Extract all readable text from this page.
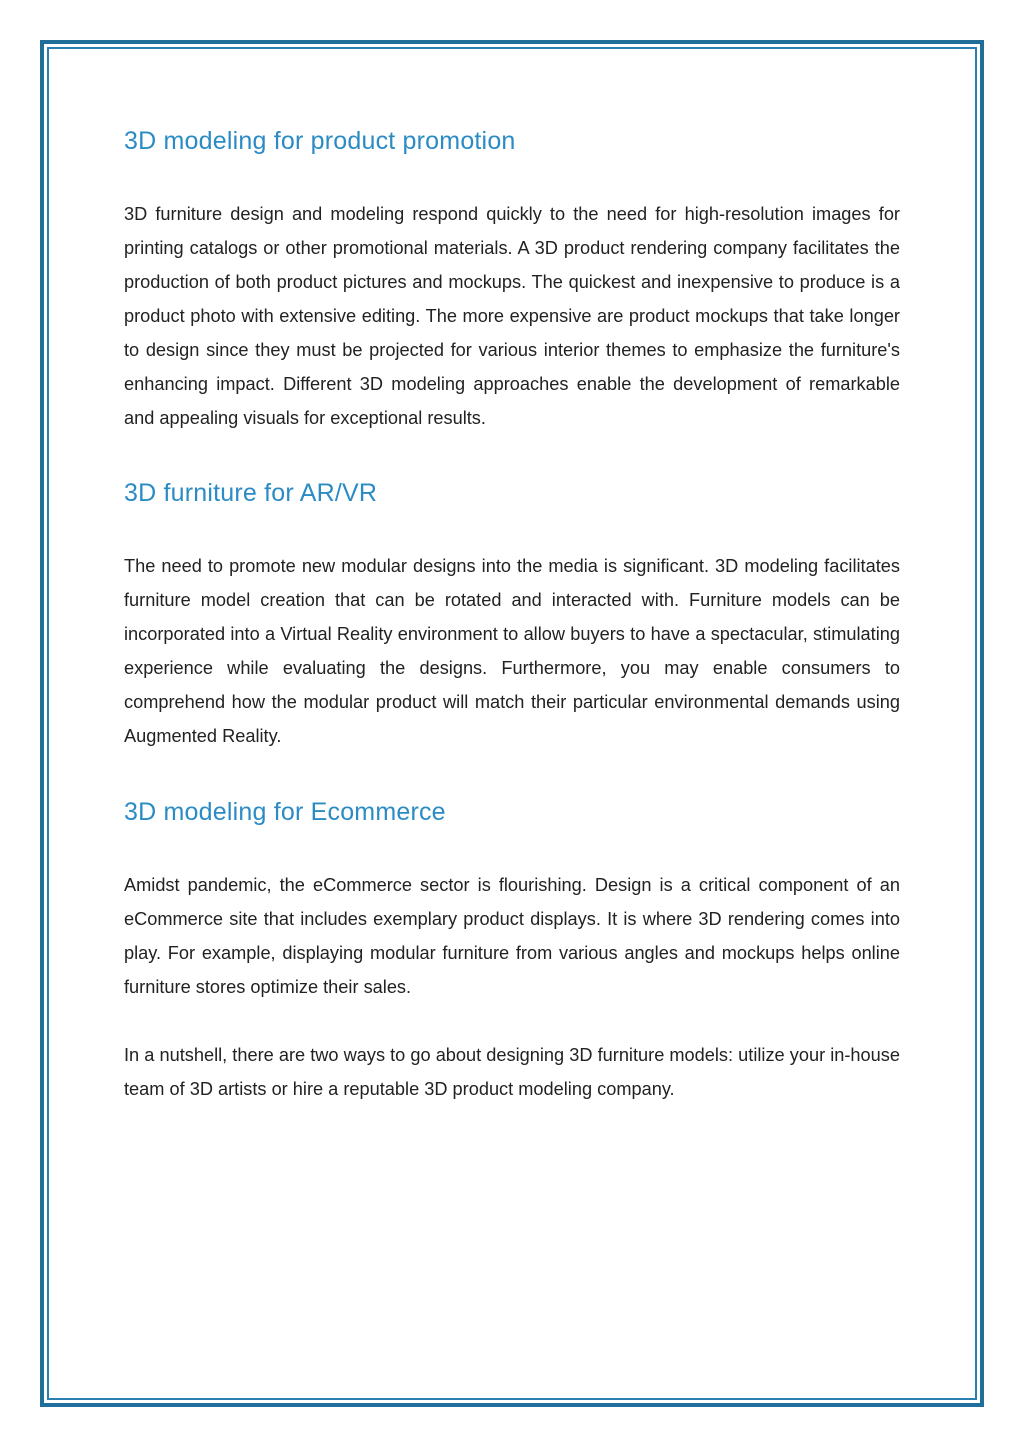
3D modeling for product promotion

3D furniture design and modeling respond quickly to the need for high-resolution images for printing catalogs or other promotional materials. A 3D product rendering company facilitates the production of both product pictures and mockups. The quickest and inexpensive to produce is a product photo with extensive editing. The more expensive are product mockups that take longer to design since they must be projected for various interior themes to emphasize the furniture's enhancing impact. Different 3D modeling approaches enable the development of remarkable and appealing visuals for exceptional results.

3D furniture for AR/VR

The need to promote new modular designs into the media is significant. 3D modeling facilitates furniture model creation that can be rotated and interacted with. Furniture models can be incorporated into a Virtual Reality environment to allow buyers to have a spectacular, stimulating experience while evaluating the designs. Furthermore, you may enable consumers to comprehend how the modular product will match their particular environmental demands using Augmented Reality.

3D modeling for Ecommerce

Amidst pandemic, the eCommerce sector is flourishing. Design is a critical component of an eCommerce site that includes exemplary product displays. It is where 3D rendering comes into play. For example, displaying modular furniture from various angles and mockups helps online furniture stores optimize their sales.

In a nutshell, there are two ways to go about designing 3D furniture models: utilize your in-house team of 3D artists or hire a reputable 3D product modeling company.
